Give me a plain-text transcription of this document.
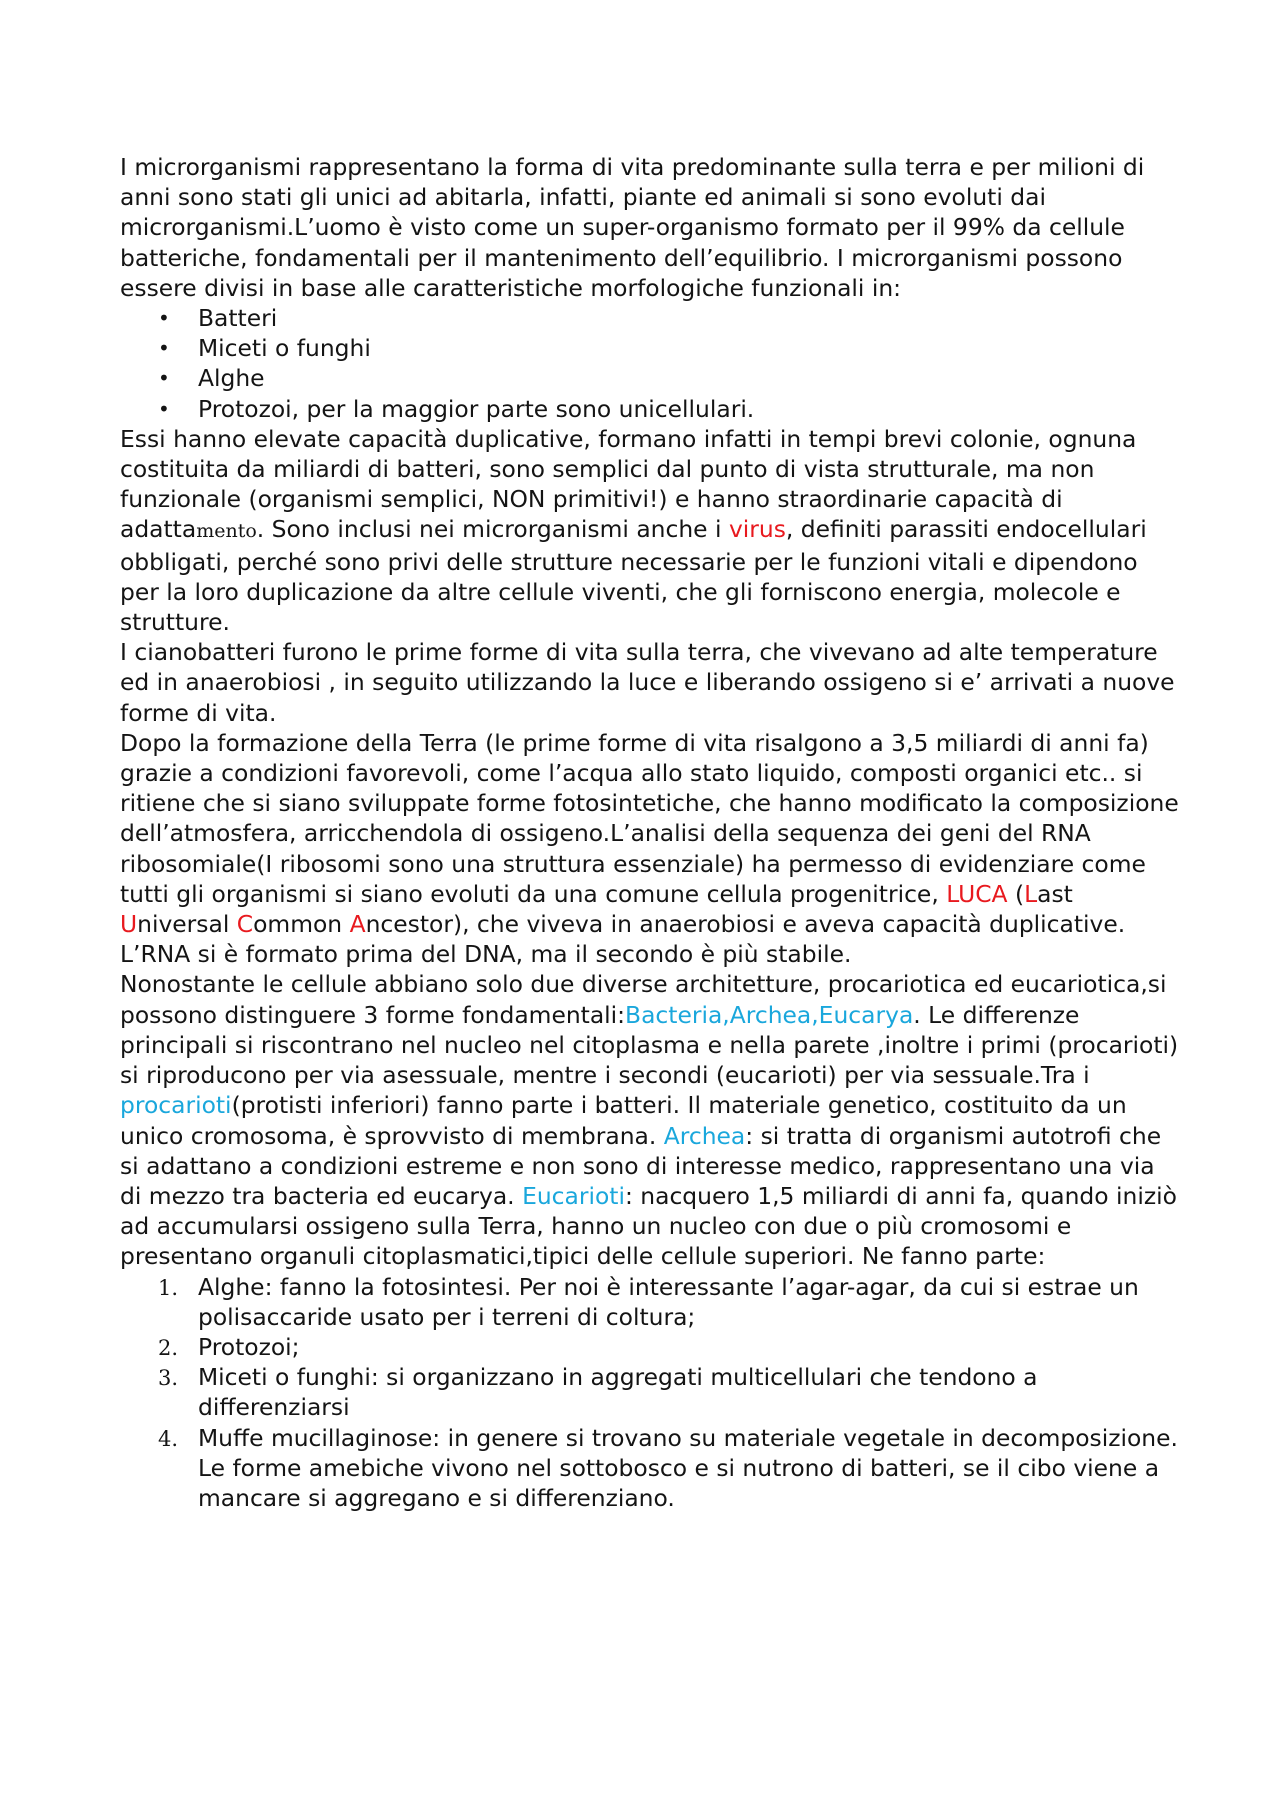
I microrganismi rappresentano la forma di vita predominante sulla terra e per milioni di anni sono stati gli unici ad abitarla, infatti, piante ed animali si sono evoluti dai microrganismi.L’uomo è visto come un super-organismo formato per il 99% da cellule batteriche, fondamentali per il mantenimento dell’equilibrio. I microrganismi possono essere divisi in base alle caratteristiche morfologiche funzionali in:

• Batteri
• Miceti o funghi
• Alghe
• Protozoi, per la maggior parte sono unicellulari.

Essi hanno elevate capacità duplicative, formano infatti in tempi brevi colonie, ognuna costituita da miliardi di batteri, sono semplici dal punto di vista strutturale, ma non funzionale (organismi semplici, NON primitivi!) e hanno straordinarie capacità di adattamento. Sono inclusi nei microrganismi anche i virus, definiti parassiti endocellulari obbligati, perché sono privi delle strutture necessarie per le funzioni vitali e dipendono per la loro duplicazione da altre cellule viventi, che gli forniscono energia, molecole e strutture.

I cianobatteri furono le prime forme di vita sulla terra, che vivevano ad alte temperature ed in anaerobiosi , in seguito utilizzando la luce e liberando ossigeno si e’ arrivati a nuove forme di vita.

Dopo la formazione della Terra (le prime forme di vita risalgono a 3,5 miliardi di anni fa) grazie a condizioni favorevoli, come l’acqua allo stato liquido, composti organici etc.. si ritiene che si siano sviluppate forme fotosintetiche, che hanno modificato la composizione dell’atmosfera, arricchendola di ossigeno.L’analisi della sequenza dei geni del RNA ribosomiale(I ribosomi sono una struttura essenziale) ha permesso di evidenziare come tutti gli organismi si siano evoluti da una comune cellula progenitrice, LUCA (Last Universal Common Ancestor), che viveva in anaerobiosi e aveva capacità duplicative. L’RNA si è formato prima del DNA, ma il secondo è più stabile.

Nonostante le cellule abbiano solo due diverse architetture, procariotica ed eucariotica,si possono distinguere 3 forme fondamentali:Bacteria,Archea,Eucarya. Le differenze principali si riscontrano nel nucleo nel citoplasma e nella parete ,inoltre i primi (procarioti) si riproducono per via asessuale, mentre i secondi (eucarioti) per via sessuale.Tra i procarioti(protisti inferiori) fanno parte i batteri. Il materiale genetico, costituito da un unico cromosoma, è sprovvisto di membrana. Archea: si tratta di organismi autotrofi che si adattano a condizioni estreme e non sono di interesse medico, rappresentano una via di mezzo tra bacteria ed eucarya. Eucarioti: nacquero 1,5 miliardi di anni fa, quando iniziò ad accumularsi ossigeno sulla Terra, hanno un nucleo con due o più cromosomi e presentano organuli citoplasmatici,tipici delle cellule superiori. Ne fanno parte:

1. Alghe: fanno la fotosintesi. Per noi è interessante l’agar-agar, da cui si estrae un polisaccaride usato per i terreni di coltura;
2. Protozoi;
3. Miceti o funghi: si organizzano in aggregati multicellulari che tendono a differenziarsi
4. Muffe mucillaginose: in genere si trovano su materiale vegetale in decomposizione. Le forme amebiche vivono nel sottobosco e si nutrono di batteri, se il cibo viene a mancare si aggregano e si differenziano.
